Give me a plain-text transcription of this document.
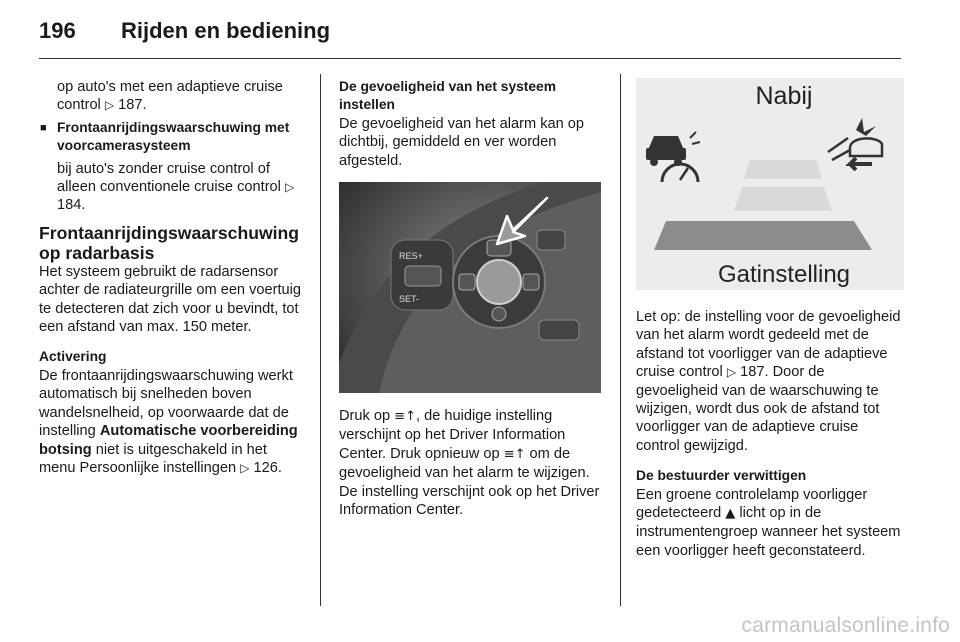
196 Rijden en bediening

op auto's met een adaptieve cruise control ▷ 187.

■ Frontaanrijdingswaarschuwing met voorcamerasysteem

bij auto's zonder cruise control of alleen conventionele cruise control ▷ 184.

Frontaanrijdingswaarschuwing op radarbasis

Het systeem gebruikt de radarsensor achter de radiateurgrille om een voertuig te detecteren dat zich voor u bevindt, tot een afstand van max. 150 meter.

Activering

De frontaanrijdingswaarschuwing werkt automatisch bij snelheden boven wandelsnelheid, op voorwaarde dat de instelling Automatische voorbereiding botsing niet is uitgeschakeld in het menu Persoonlijke instellingen ▷ 126.

De gevoeligheid van het systeem instellen

De gevoeligheid van het alarm kan op dichtbij, gemiddeld en ver worden afgesteld.

RES+
SET-

Druk op ≡↑, de huidige instelling verschijnt op het Driver Information Center. Druk opnieuw op ≡↑ om de gevoeligheid van het alarm te wijzigen. De instelling verschijnt ook op het Driver Information Center.

Nabij
Gatinstelling

Let op: de instelling voor de gevoeligheid van het alarm wordt gedeeld met de afstand tot voorligger van de adaptieve cruise control ▷ 187. Door de gevoeligheid van de waarschuwing te wijzigen, wordt dus ook de afstand tot voorligger van de adaptieve cruise control gewijzigd.

De bestuurder verwittigen

Een groene controlelamp voorligger gedetecteerd ▲ licht op in de instrumentengroep wanneer het systeem een voorligger heeft geconstateerd.

carmanualsonline.info
